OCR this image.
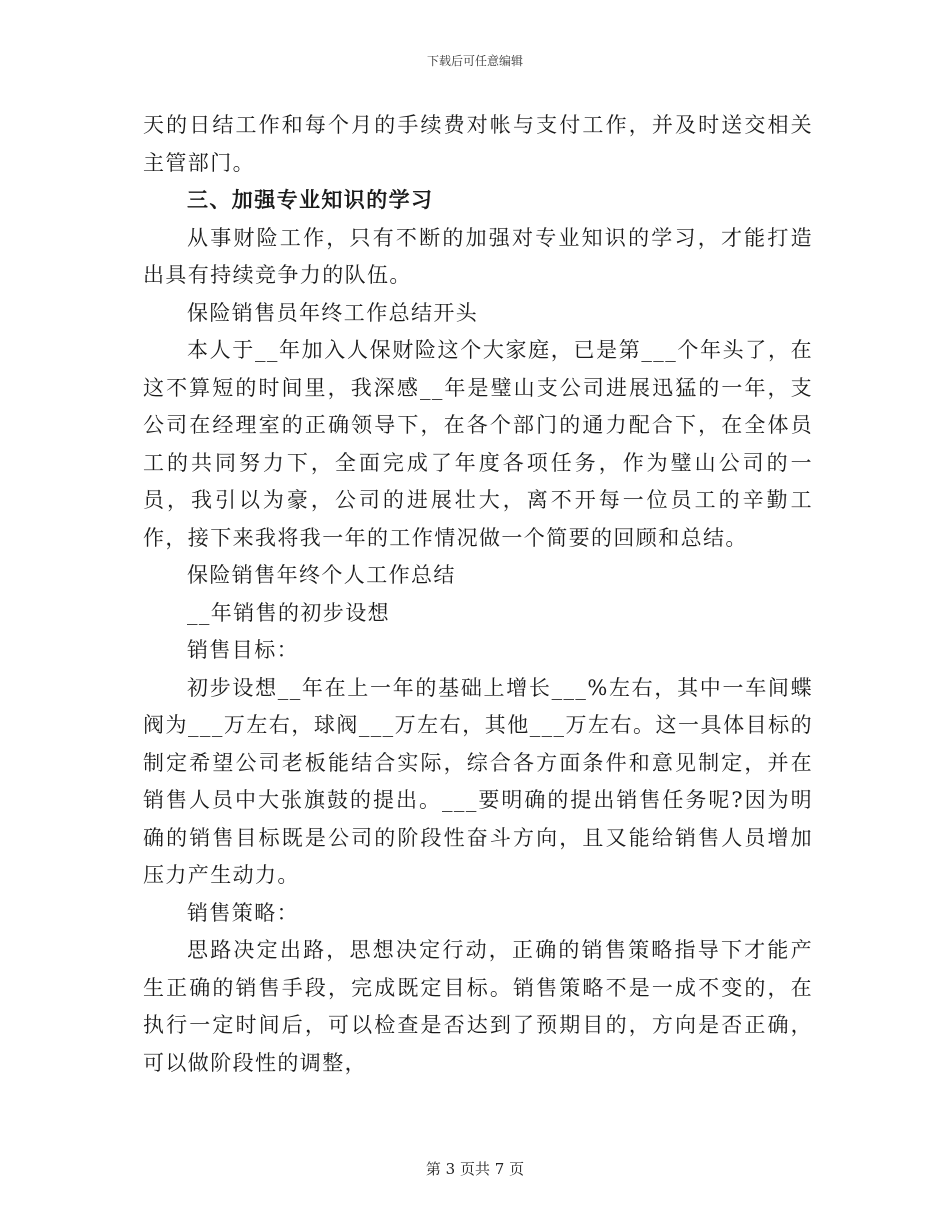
下载后可任意编辑

天的日结工作和每个月的手续费对帐与支付工作，并及时送交相关主管部门。

三、加强专业知识的学习

从事财险工作，只有不断的加强对专业知识的学习，才能打造出具有持续竞争力的队伍。

保险销售员年终工作总结开头

本人于__年加入人保财险这个大家庭，已是第___个年头了，在这不算短的时间里，我深感__年是璧山支公司进展迅猛的一年，支公司在经理室的正确领导下，在各个部门的通力配合下，在全体员工的共同努力下，全面完成了年度各项任务，作为璧山公司的一员，我引以为豪，公司的进展壮大，离不开每一位员工的辛勤工作，接下来我将我一年的工作情况做一个简要的回顾和总结。

保险销售年终个人工作总结

__年销售的初步设想

销售目标：

初步设想__年在上一年的基础上增长___%左右，其中一车间蝶阀为___万左右，球阀___万左右，其他___万左右。这一具体目标的制定希望公司老板能结合实际，综合各方面条件和意见制定，并在销售人员中大张旗鼓的提出。___要明确的提出销售任务呢?因为明确的销售目标既是公司的阶段性奋斗方向，且又能给销售人员增加压力产生动力。

销售策略：

思路决定出路，思想决定行动，正确的销售策略指导下才能产生正确的销售手段，完成既定目标。销售策略不是一成不变的，在执行一定时间后，可以检查是否达到了预期目的，方向是否正确，可以做阶段性的调整，

第 3 页共 7 页
